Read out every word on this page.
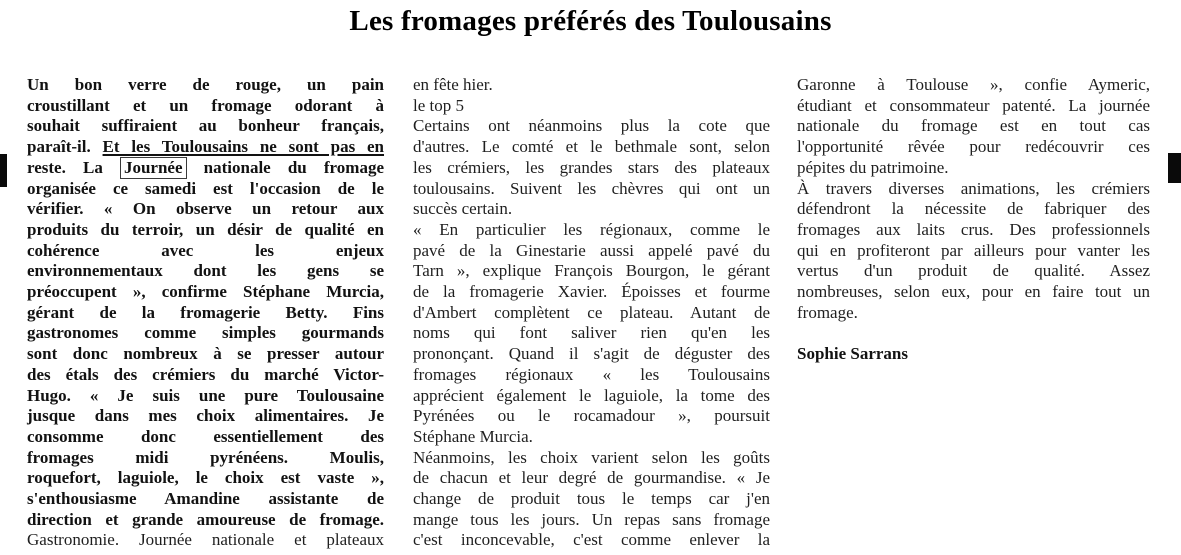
Les fromages préférés des Toulousains
Un bon verre de rouge, un pain
croustillant et un fromage odorant à
souhait suffiraient au bonheur français,
paraît-il. Et les Toulousains ne sont pas en
reste. La Journée nationale du fromage
organisée ce samedi est l'occasion de le
vérifier. « On observe un retour aux
produits du terroir, un désir de qualité en
cohérence avec les enjeux
environnementaux dont les gens se
préoccupent », confirme Stéphane Murcia,
gérant de la fromagerie Betty. Fins
gastronomes comme simples gourmands
sont donc nombreux à se presser autour
des étals des crémiers du marché Victor-
Hugo. « Je suis une pure Toulousaine
jusque dans mes choix alimentaires. Je
consomme donc essentiellement des
fromages midi pyrénéens. Moulis,
roquefort, laguiole, le choix est vaste »,
s'enthousiasme Amandine assistante de
direction et grande amoureuse de fromage.
Gastronomie. Journée nationale et plateaux
en fête hier.
le top 5
Certains ont néanmoins plus la cote que
d'autres. Le comté et le bethmale sont, selon
les crémiers, les grandes stars des plateaux
toulousains. Suivent les chèvres qui ont un
succès certain.
« En particulier les régionaux, comme le
pavé de la Ginestarie aussi appelé pavé du
Tarn », explique François Bourgon, le gérant
de la fromagerie Xavier. Époisses et fourme
d'Ambert complètent ce plateau. Autant de
noms qui font saliver rien qu'en les
prononçant. Quand il s'agit de déguster des
fromages régionaux « les Toulousains
apprécient également le laguiole, la tome des
Pyrénées ou le rocamadour », poursuit
Stéphane Murcia.
Néanmoins, les choix varient selon les goûts
de chacun et leur degré de gourmandise. « Je
change de produit tous le temps car j'en
mange tous les jours. Un repas sans fromage
c'est inconcevable, c'est comme enlever la
Garonne à Toulouse », confie Aymeric,
étudiant et consommateur patenté. La journée
nationale du fromage est en tout cas
l'opportunité rêvée pour redécouvrir ces
pépites du patrimoine.
À travers diverses animations, les crémiers
défendront la nécessite de fabriquer des
fromages aux laits crus. Des professionnels
qui en profiteront par ailleurs pour vanter les
vertus d'un produit de qualité. Assez
nombreuses, selon eux, pour en faire tout un
fromage.
Sophie Sarrans
